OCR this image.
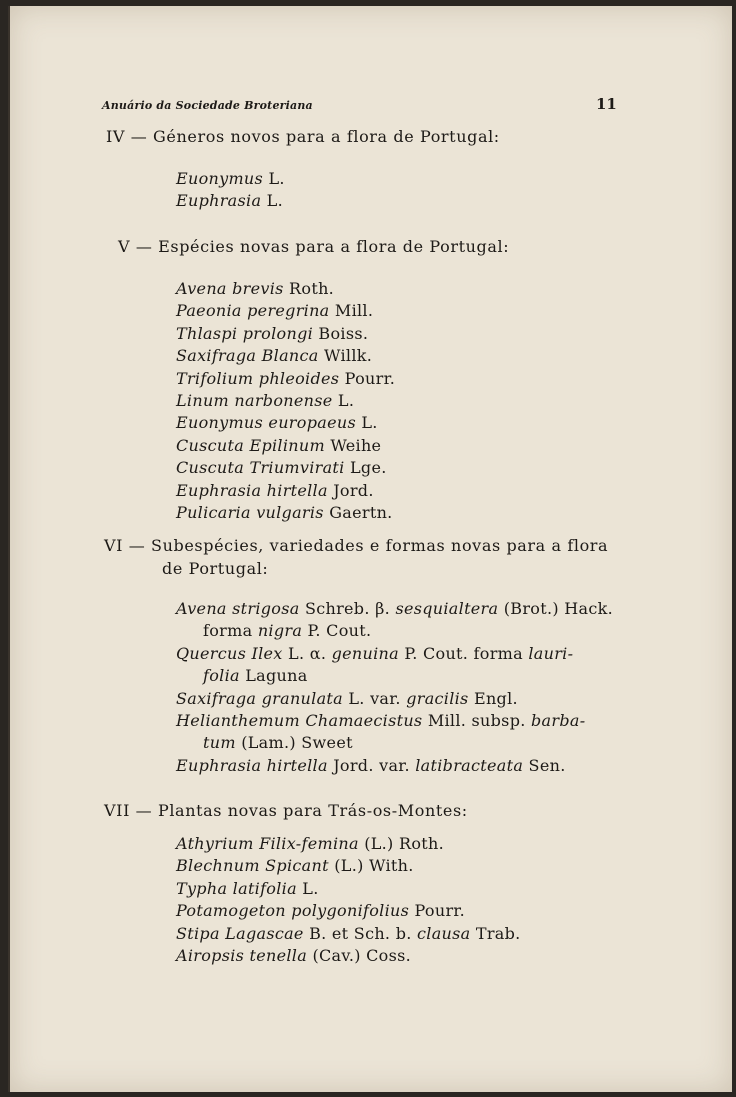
Anuário da Sociedade Broteriana	11
IV — Géneros novos para a flora de Portugal:
Euonymus L.
Euphrasia L.
V — Espécies novas para a flora de Portugal:
Avena brevis Roth.
Paeonia peregrina Mill.
Thlaspi prolongi Boiss.
Saxifraga Blanca Willk.
Trifolium phleoides Pourr.
Linum narbonense L.
Euonymus europaeus L.
Cuscuta Epilinum Weihe
Cuscuta Triumvirati Lge.
Euphrasia hirtella Jord.
Pulicaria vulgaris Gaertn.
VI — Subespécies, variedades e formas novas para a flora
de Portugal:
Avena strigosa Schreb. β. sesquialtera (Brot.) Hack.
forma nigra P. Cout.
Quercus Ilex L. α. genuina P. Cout. forma lauri-
folia Laguna
Saxifraga granulata L. var. gracilis Engl.
Helianthemum Chamaecistus Mill. subsp. barba-
tum (Lam.) Sweet
Euphrasia hirtella Jord. var. latibracteata Sen.
VII — Plantas novas para Trás-os-Montes:
Athyrium Filix-femina (L.) Roth.
Blechnum Spicant (L.) With.
Typha latifolia L.
Potamogeton polygonifolius Pourr.
Stipa Lagascae B. et Sch. b. clausa Trab.
Airopsis tenella (Cav.) Coss.
